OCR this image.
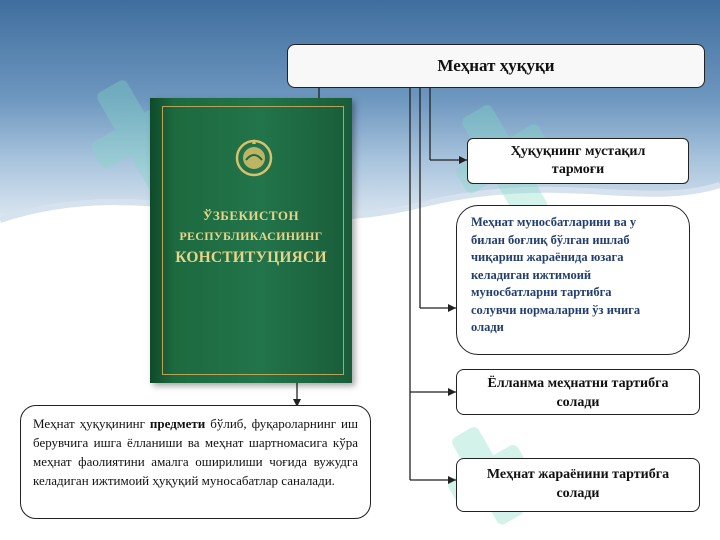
ЎЗБЕКИСТОН
РЕСПУБЛИКАСИНИНГ
КОНСТИТУЦИЯСИ
Меҳнат ҳуқуқи
Ҳуқуқнинг мустақил
тармоғи
Меҳнат муносбатларини ва у
билан боғлиқ бўлган ишлаб
чиқариш жараёнида юзага
келадиган ижтимоий
муносбатларни тартибга
солувчи нормаларни ўз ичига
олади
Ёлланма меҳнатни тартибга
солади
Меҳнат жараёнини тартибга
солади
Меҳнат ҳуқуқининг предмети бўлиб, фуқароларнинг иш берувчига ишга ёлланиши ва меҳнат шартномасига кўра меҳнат фаолиятини амалга оширилиши чоғида вужудга келадиган ижтимоий ҳуқуқий муносабатлар саналади.
